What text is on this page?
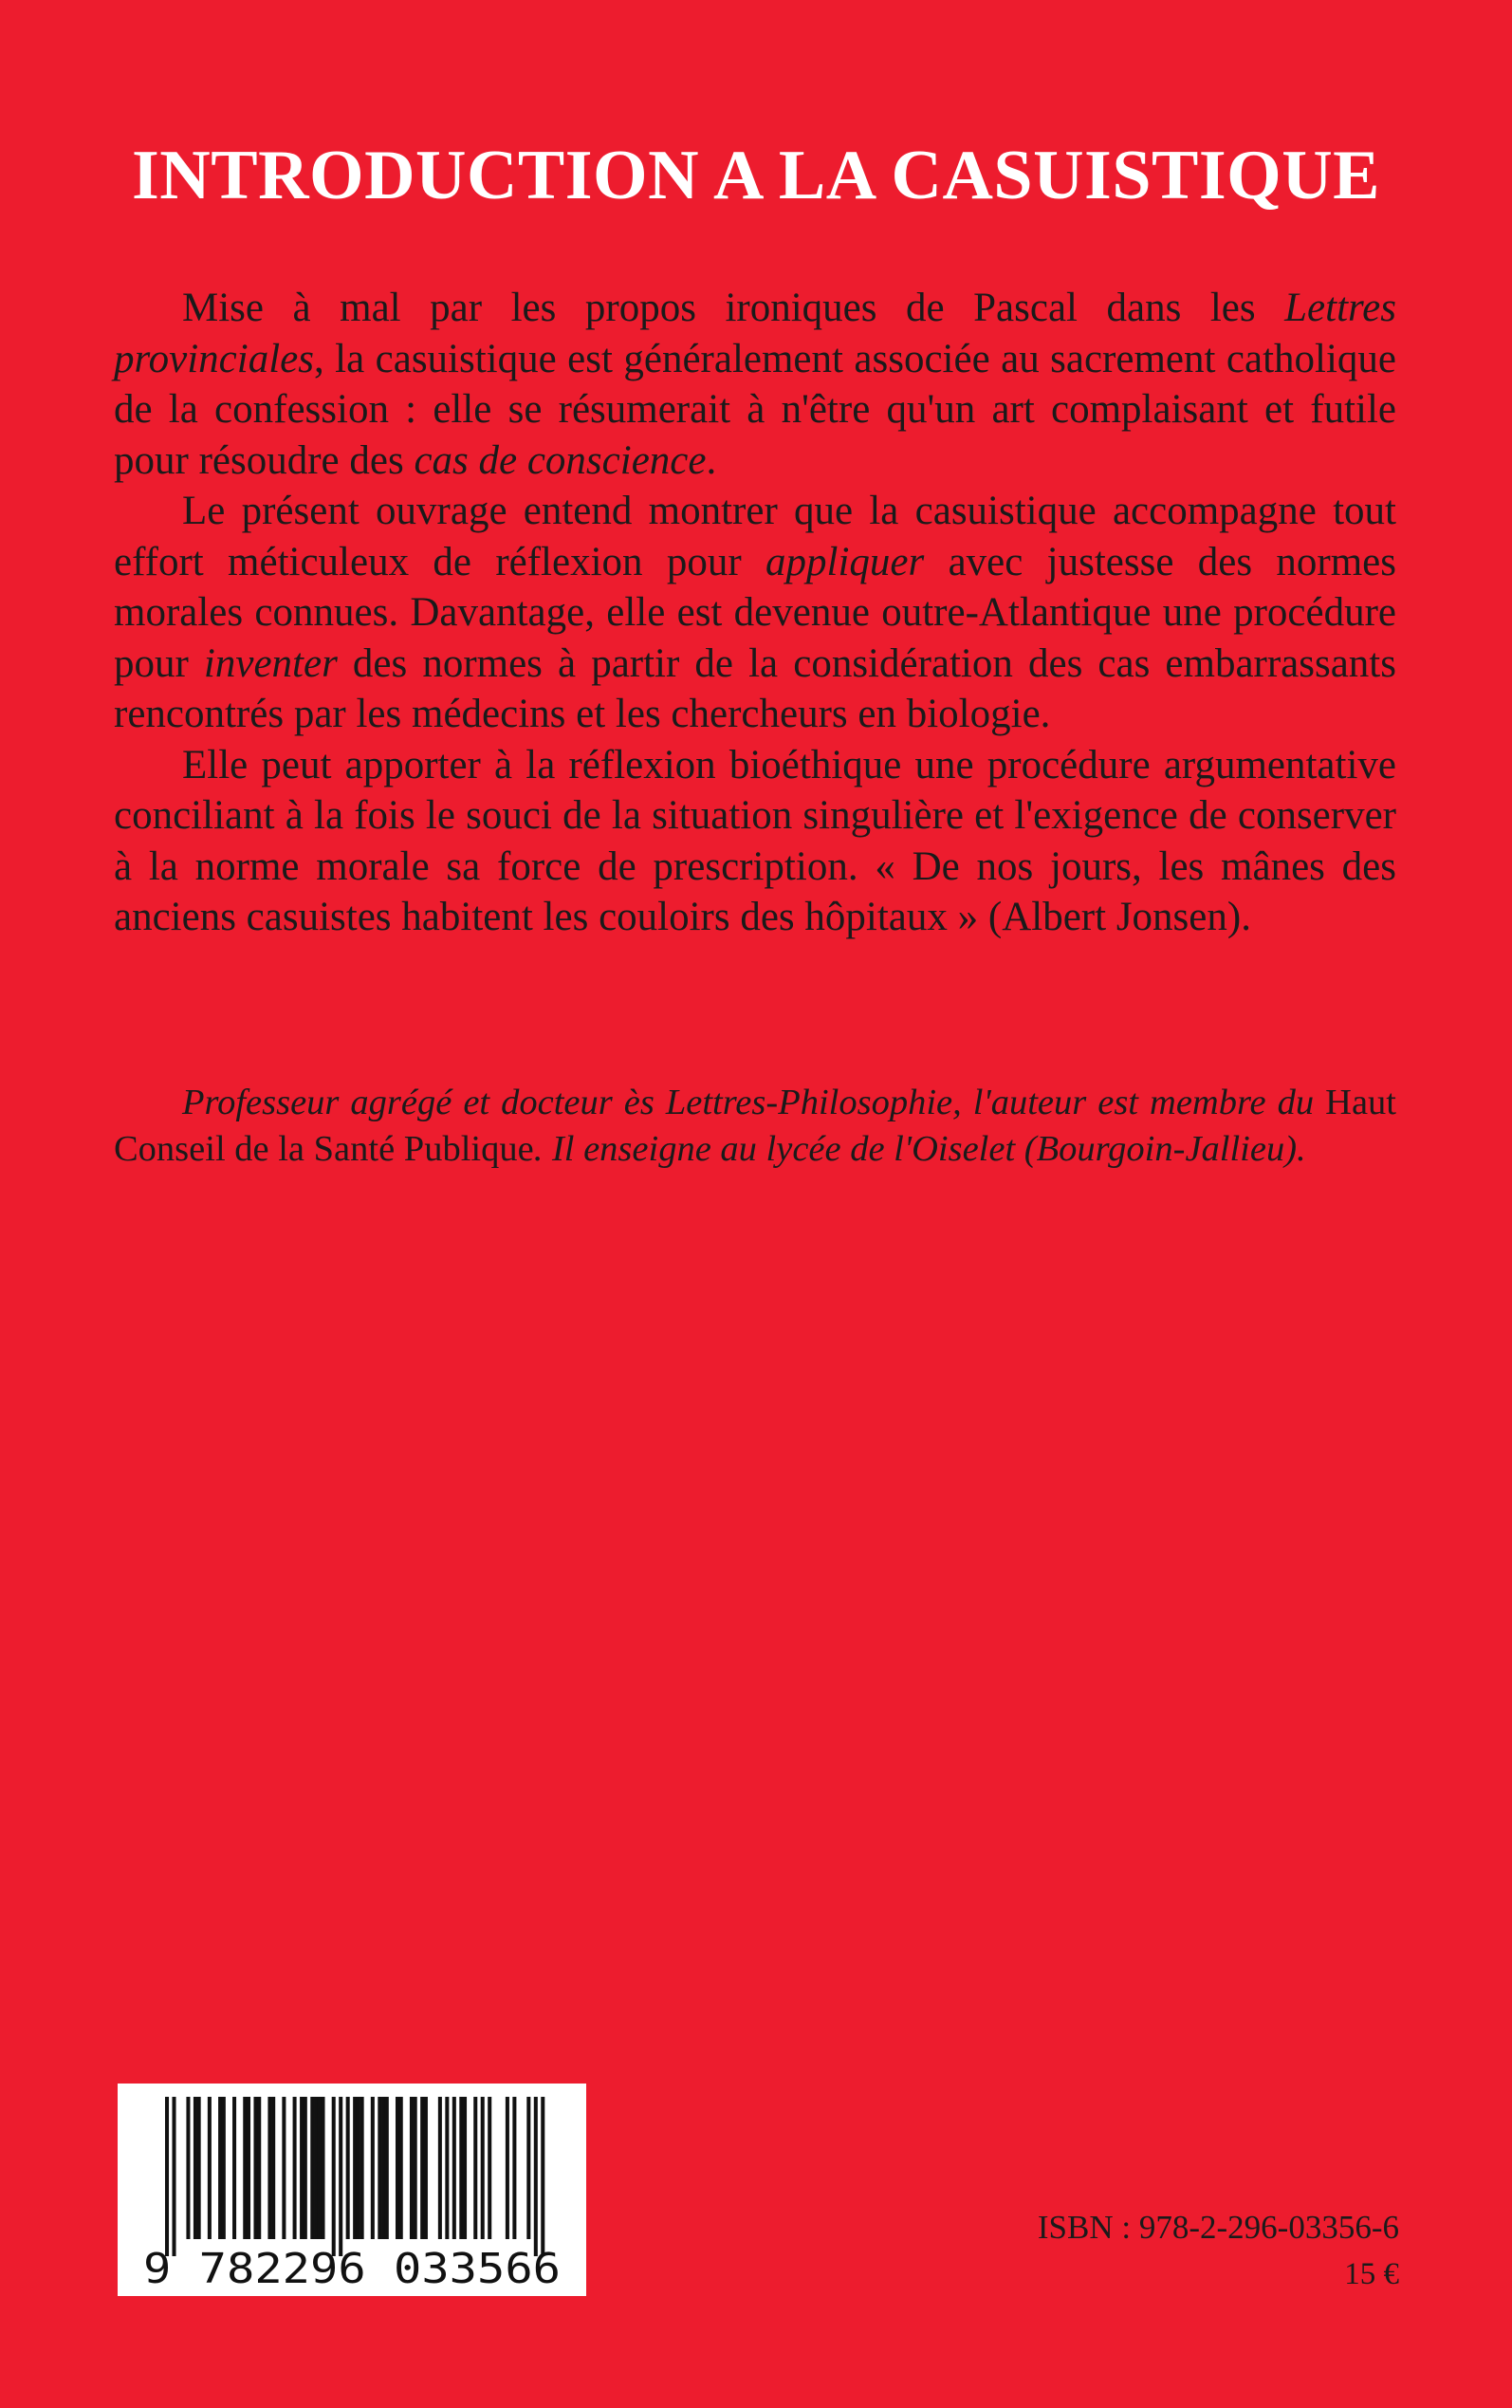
INTRODUCTION A LA CASUISTIQUE

Mise à mal par les propos ironiques de Pascal dans les Lettres provinciales, la casuistique est généralement associée au sacrement catholique de la confession : elle se résumerait à n'être qu'un art complaisant et futile pour résoudre des cas de conscience.

Le présent ouvrage entend montrer que la casuistique accompagne tout effort méticuleux de réflexion pour appliquer avec justesse des normes morales connues. Davantage, elle est devenue outre-Atlantique une procédure pour inventer des normes à partir de la considération des cas embarrassants rencontrés par les médecins et les chercheurs en biologie.

Elle peut apporter à la réflexion bioéthique une procédure argumentative conciliant à la fois le souci de la situation singulière et l'exigence de conserver à la norme morale sa force de prescription. « De nos jours, les mânes des anciens casuistes habitent les couloirs des hôpitaux » (Albert Jonsen).

Professeur agrégé et docteur ès Lettres-Philosophie, l'auteur est membre du Haut Conseil de la Santé Publique. Il enseigne au lycée de l'Oiselet (Bourgoin-Jallieu).

9 782296 033566
ISBN : 978-2-296-03356-6
15 €
